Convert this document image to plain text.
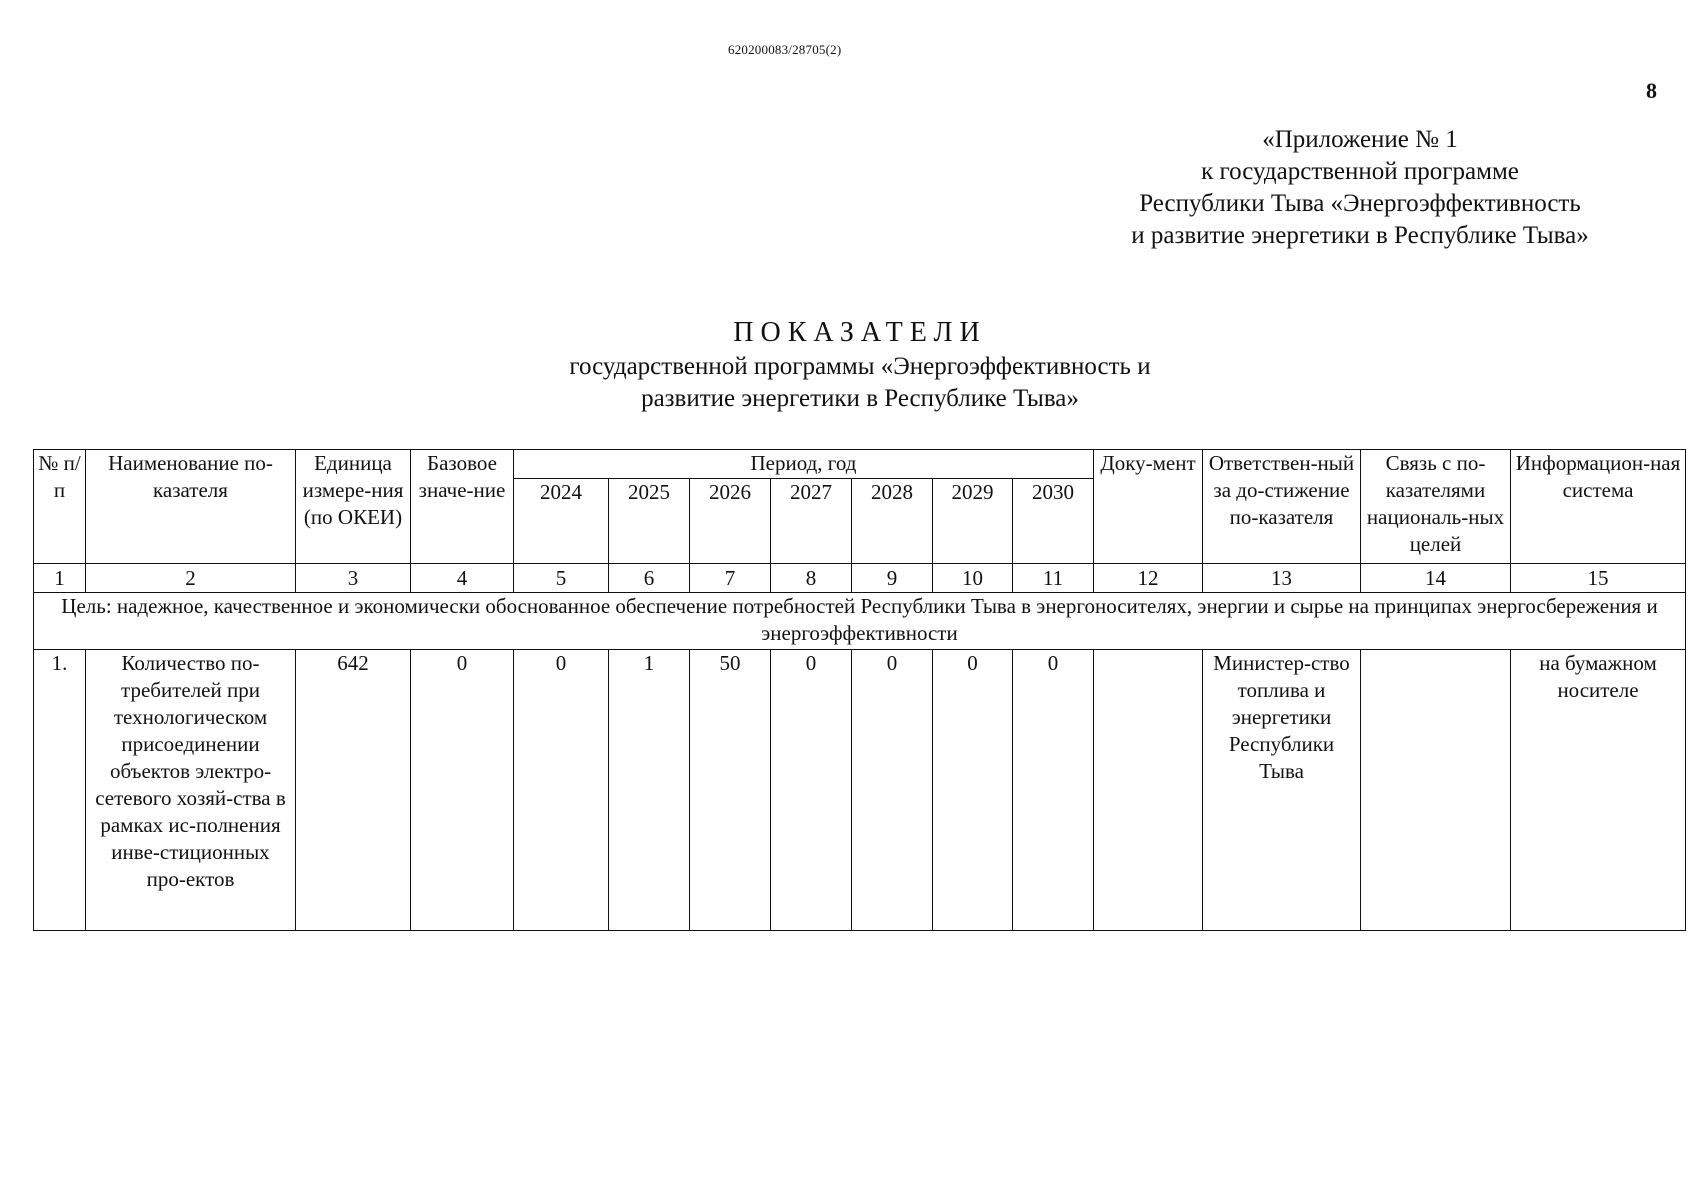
620200083/28705(2)
8
«Приложение № 1
к государственной программе
Республики Тыва «Энергоэффективность
и развитие энергетики в Республике Тыва»
ПОКАЗАТЕЛИ
государственной программы «Энергоэффективность и
развитие энергетики в Республике Тыва»
№ п/п	Наименование по-казателя	Единица измере-ния (по ОКЕИ)	Базовое значе-ние	Период, год							Доку-мент	Ответствен-ный за до-стижение по-казателя	Связь с по-казателями националь-ных целей	Информацион-ная система
				2024	2025	2026	2027	2028	2029	2030				
1	2	3	4	5	6	7	8	9	10	11	12	13	14	15
Цель: надежное, качественное и экономически обоснованное обеспечение потребностей Республики Тыва в энергоносителях, энергии и сырье на принципах энергосбережения и энергоэффективности														
1.	Количество по-требителей при технологическом присоединении объектов электро-сетевого хозяй-ства в рамках ис-полнения инве-стиционных про-ектов	642	0	0	1	50	0	0	0	0		Министер-ство топлива и энергетики Республики Тыва		на бумажном носителе
